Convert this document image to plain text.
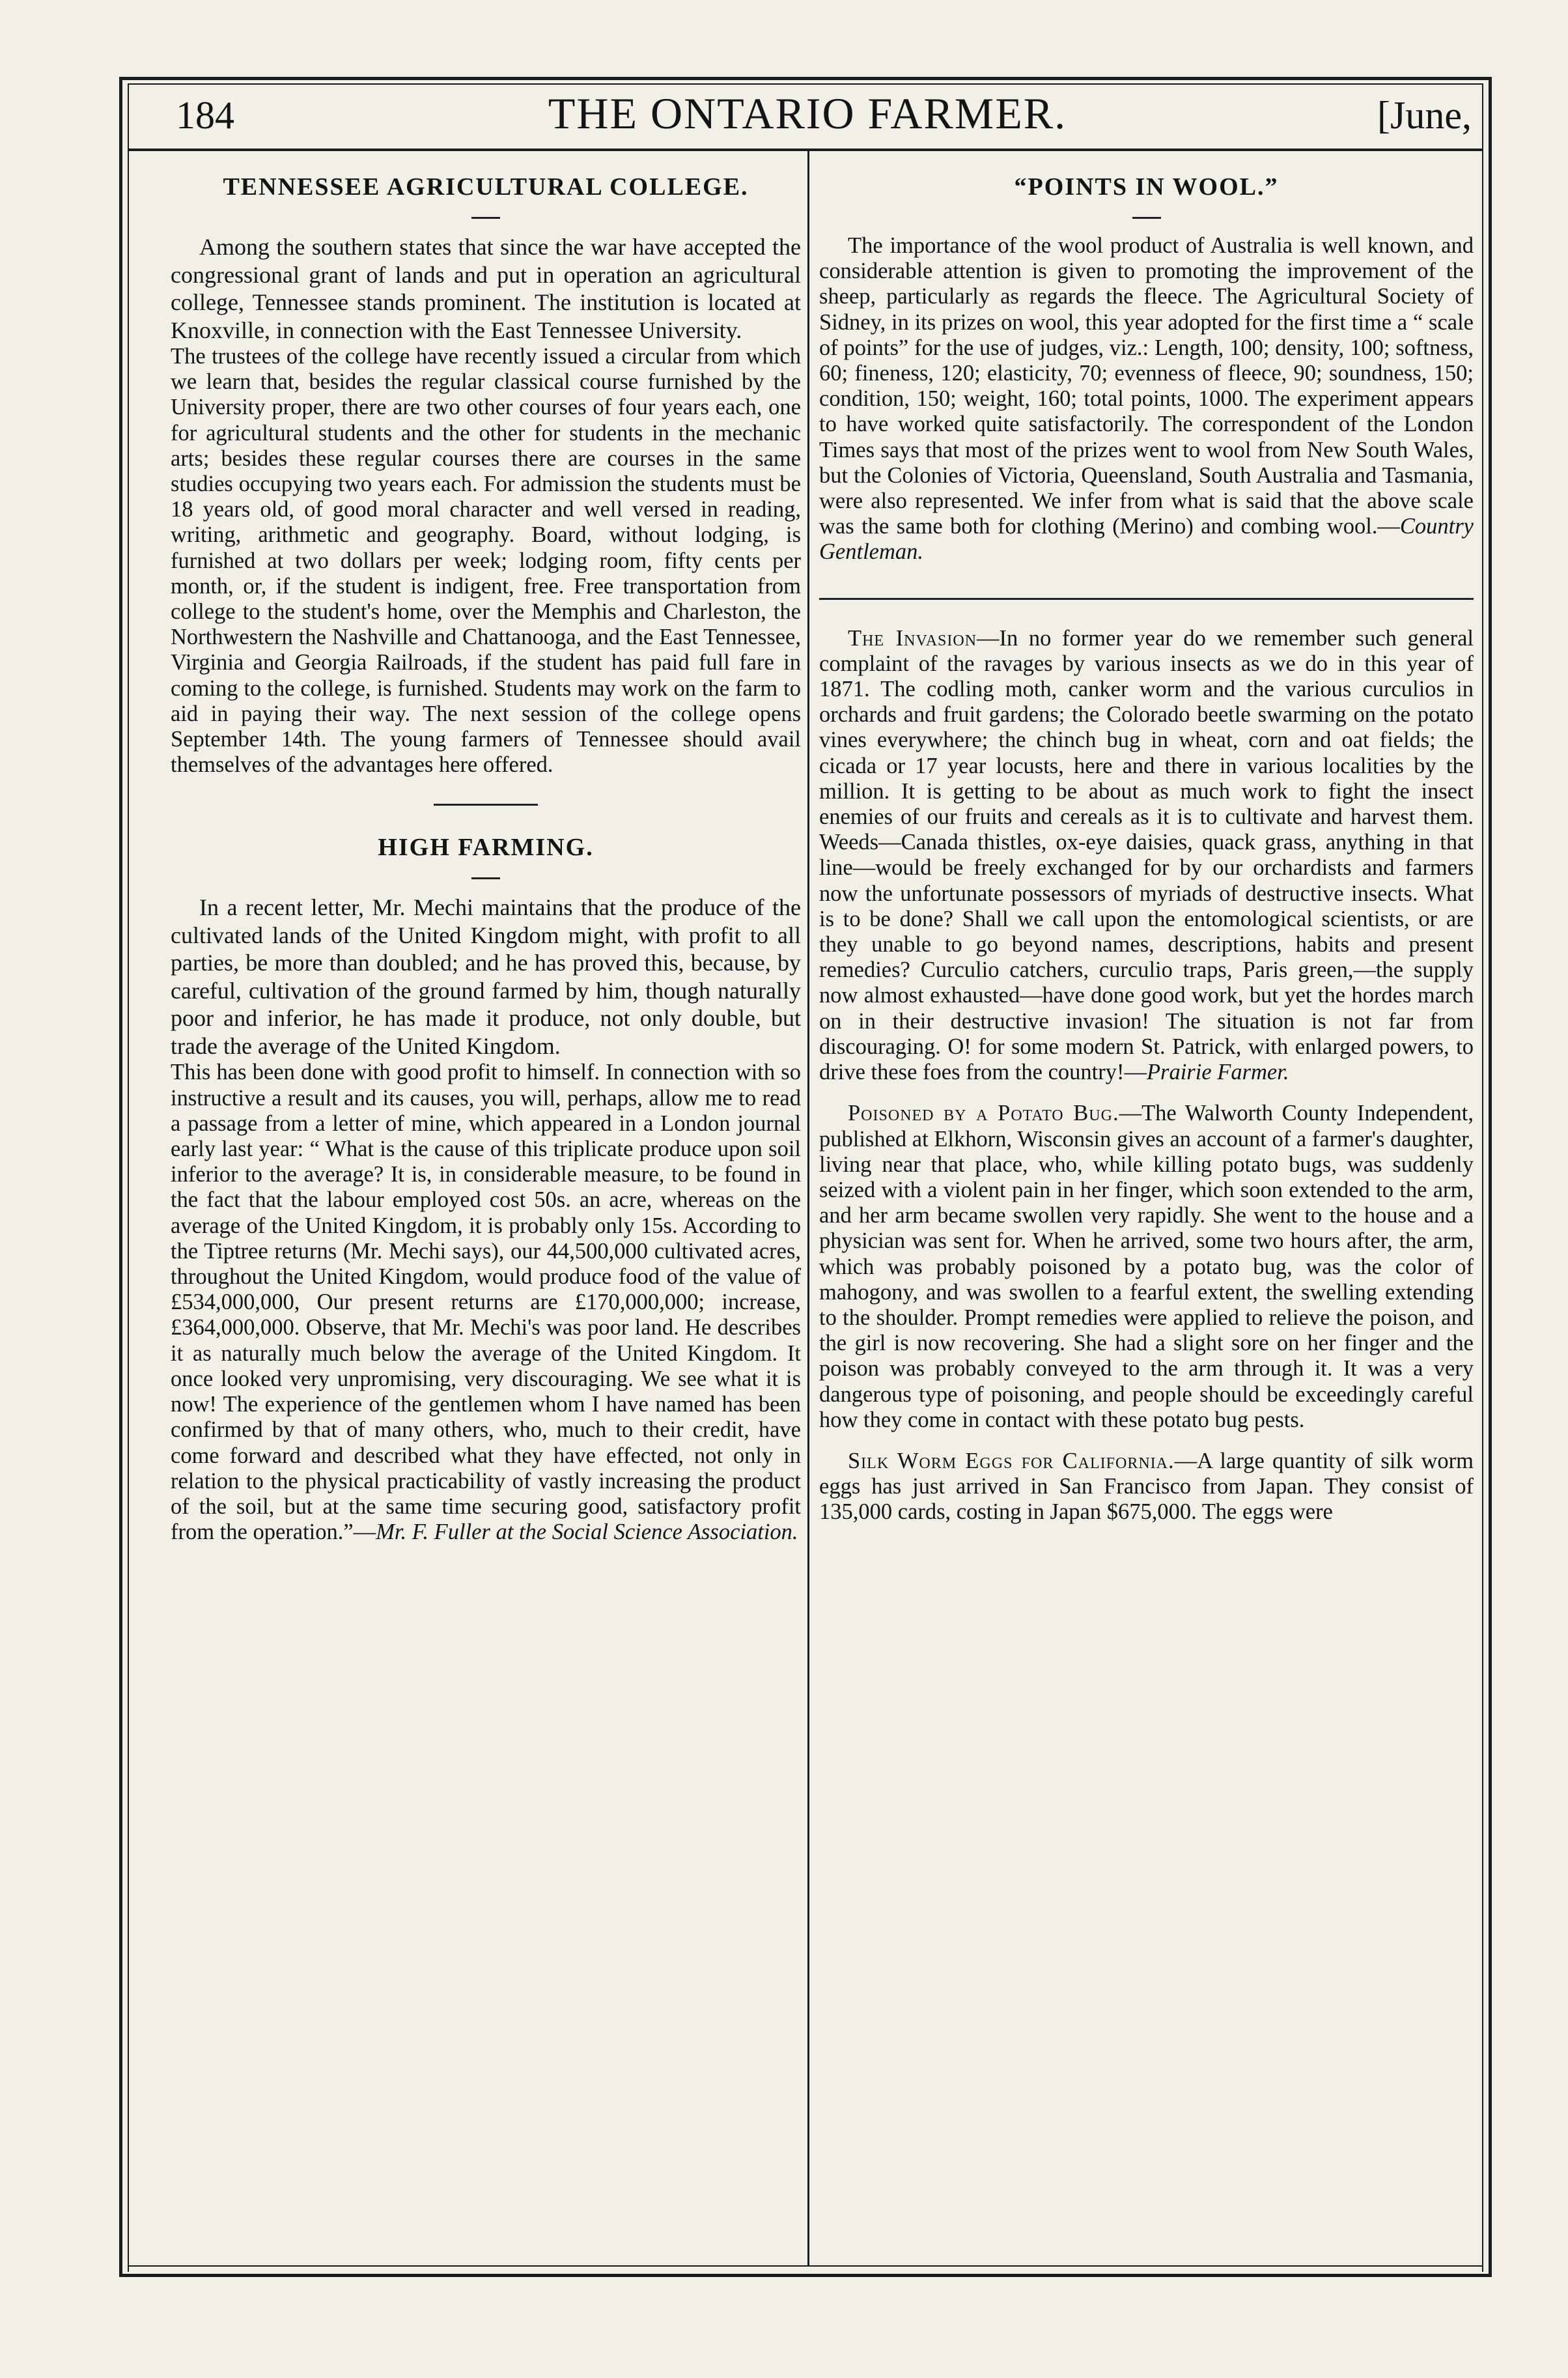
184	THE ONTARIO FARMER.	[June,
TENNESSEE AGRICULTURAL COLLEGE.

Among the southern states that since the war have accepted the congressional grant of lands and put in operation an agricultural college, Tennessee stands prominent. The institution is located at Knoxville, in connection with the East Tennessee University.

The trustees of the college have recently issued a circular from which we learn that, besides the regular classical course furnished by the University proper, there are two other courses of four years each, one for agricultural students and the other for students in the mechanic arts; besides these regular courses there are courses in the same studies occupying two years each. For admission the students must be 18 years old, of good moral character and well versed in reading, writing, arithmetic and geography. Board, without lodging, is furnished at two dollars per week; lodging room, fifty cents per month, or, if the student is indigent, free. Free transportation from college to the student's home, over the Memphis and Charleston, the Northwestern the Nashville and Chattanooga, and the East Tennessee, Virginia and Georgia Railroads, if the student has paid full fare in coming to the college, is furnished. Students may work on the farm to aid in paying their way. The next session of the college opens September 14th. The young farmers of Tennessee should avail themselves of the advantages here offered.

HIGH FARMING.

In a recent letter, Mr. Mechi maintains that the produce of the cultivated lands of the United Kingdom might, with profit to all parties, be more than doubled; and he has proved this, because, by careful, cultivation of the ground farmed by him, though naturally poor and inferior, he has made it produce, not only double, but trade the average of the United Kingdom.

This has been done with good profit to himself. In connection with so instructive a result and its causes, you will, perhaps, allow me to read a passage from a letter of mine, which appeared in a London journal early last year: “ What is the cause of this triplicate produce upon soil inferior to the average? It is, in considerable measure, to be found in the fact that the labour employed cost 50s. an acre, whereas on the average of the United Kingdom, it is probably only 15s. According to the Tiptree returns (Mr. Mechi says), our 44,500,000 cultivated acres, throughout the United Kingdom, would produce food of the value of £534,000,000, Our present returns are £170,000,000; increase, £364,000,000. Observe, that Mr. Mechi's was poor land. He describes it as naturally much below the average of the United Kingdom. It once looked very unpromising, very discouraging. We see what it is now! The experience of the gentlemen whom I have named has been confirmed by that of many others, who, much to their credit, have come forward and described what they have effected, not only in relation to the physical practicability of vastly increasing the product of the soil, but at the same time securing good, satisfactory profit from the operation.”—Mr. F. Fuller at the Social Science Association.

“POINTS IN WOOL.”

The importance of the wool product of Australia is well known, and considerable attention is given to promoting the improvement of the sheep, particularly as regards the fleece. The Agricultural Society of Sidney, in its prizes on wool, this year adopted for the first time a “ scale of points” for the use of judges, viz.: Length, 100; density, 100; softness, 60; fineness, 120; elasticity, 70; evenness of fleece, 90; soundness, 150; condition, 150; weight, 160; total points, 1000. The experiment appears to have worked quite satisfactorily. The correspondent of the London Times says that most of the prizes went to wool from New South Wales, but the Colonies of Victoria, Queensland, South Australia and Tasmania, were also represented. We infer from what is said that the above scale was the same both for clothing (Merino) and combing wool.—Country Gentleman.

The Invasion—In no former year do we remember such general complaint of the ravages by various insects as we do in this year of 1871. The codling moth, canker worm and the various curculios in orchards and fruit gardens; the Colorado beetle swarming on the potato vines everywhere; the chinch bug in wheat, corn and oat fields; the cicada or 17 year locusts, here and there in various localities by the million. It is getting to be about as much work to fight the insect enemies of our fruits and cereals as it is to cultivate and harvest them. Weeds—Canada thistles, ox-eye daisies, quack grass, anything in that line—would be freely exchanged for by our orchardists and farmers now the unfortunate possessors of myriads of destructive insects. What is to be done? Shall we call upon the entomological scientists, or are they unable to go beyond names, descriptions, habits and present remedies? Curculio catchers, curculio traps, Paris green,—the supply now almost exhausted—have done good work, but yet the hordes march on in their destructive invasion! The situation is not far from discouraging. O! for some modern St. Patrick, with enlarged powers, to drive these foes from the country!—Prairie Farmer.

Poisoned by a Potato Bug.—The Walworth County Independent, published at Elkhorn, Wisconsin gives an account of a farmer's daughter, living near that place, who, while killing potato bugs, was suddenly seized with a violent pain in her finger, which soon extended to the arm, and her arm became swollen very rapidly. She went to the house and a physician was sent for. When he arrived, some two hours after, the arm, which was probably poisoned by a potato bug, was the color of mahogony, and was swollen to a fearful extent, the swelling extending to the shoulder. Prompt remedies were applied to relieve the poison, and the girl is now recovering. She had a slight sore on her finger and the poison was probably conveyed to the arm through it. It was a very dangerous type of poisoning, and people should be exceedingly careful how they come in contact with these potato bug pests.

Silk Worm Eggs for California.—A large quantity of silk worm eggs has just arrived in San Francisco from Japan. They consist of 135,000 cards, costing in Japan $675,000. The eggs were
